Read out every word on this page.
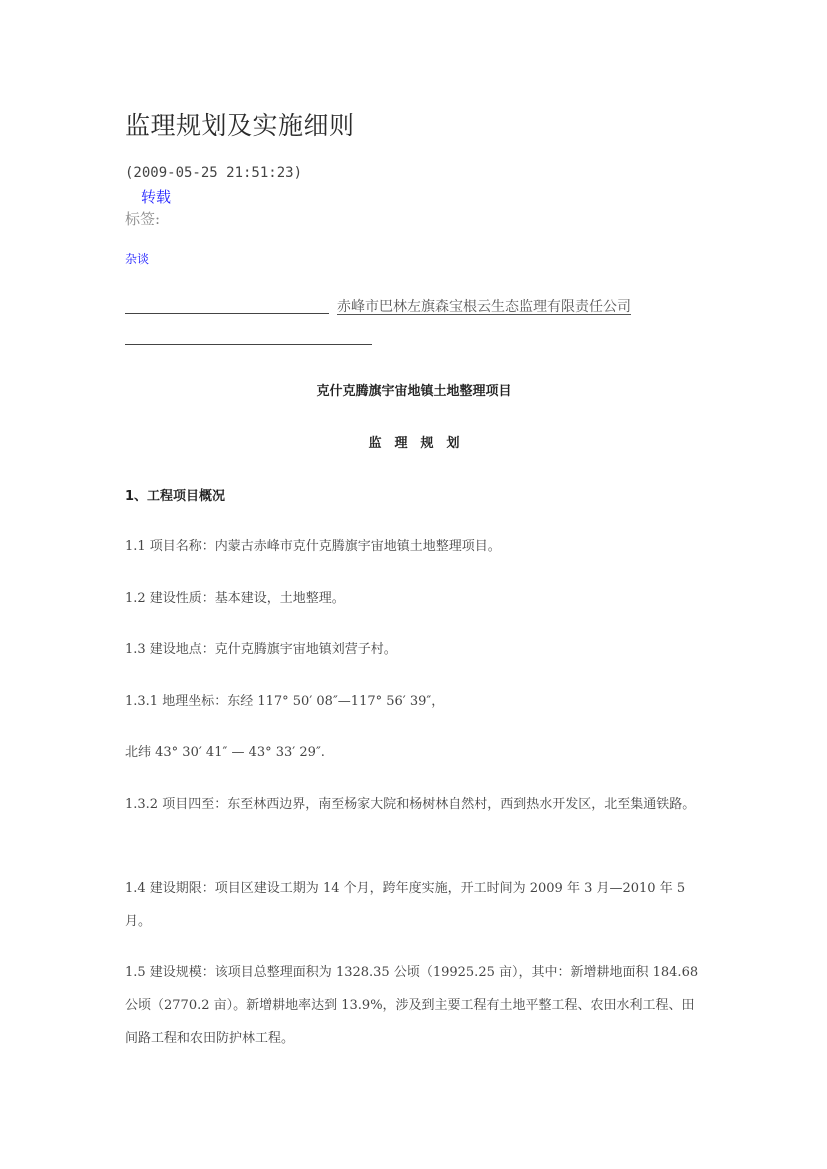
监理规划及实施细则
(2009-05-25 21:51:23)
转载
标签:
杂谈
赤峰市巴林左旗森宝根云生态监理有限责任公司
克什克腾旗宇宙地镇土地整理项目
监　理　规　划
1、工程项目概况

1.1 项目名称：内蒙古赤峰市克什克腾旗宇宙地镇土地整理项目。

1.2 建设性质：基本建设，土地整理。

1.3 建设地点：克什克腾旗宇宙地镇刘营子村。

1.3.1 地理坐标：东经 117° 50′ 08″—117° 56′ 39″，

北纬 43° 30′ 41″ — 43° 33′ 29″.

1.3.2 项目四至：东至林西边界，南至杨家大院和杨树林自然村，西到热水开发区，北至集通铁路。

1.4 建设期限：项目区建设工期为 14 个月，跨年度实施，开工时间为 2009 年 3 月—2010 年 5 月。

1.5 建设规模：该项目总整理面积为 1328.35 公顷（19925.25 亩），其中：新增耕地面积 184.68 公顷（2770.2 亩）。新增耕地率达到 13.9%，涉及到主要工程有土地平整工程、农田水利工程、田间路工程和农田防护林工程。
